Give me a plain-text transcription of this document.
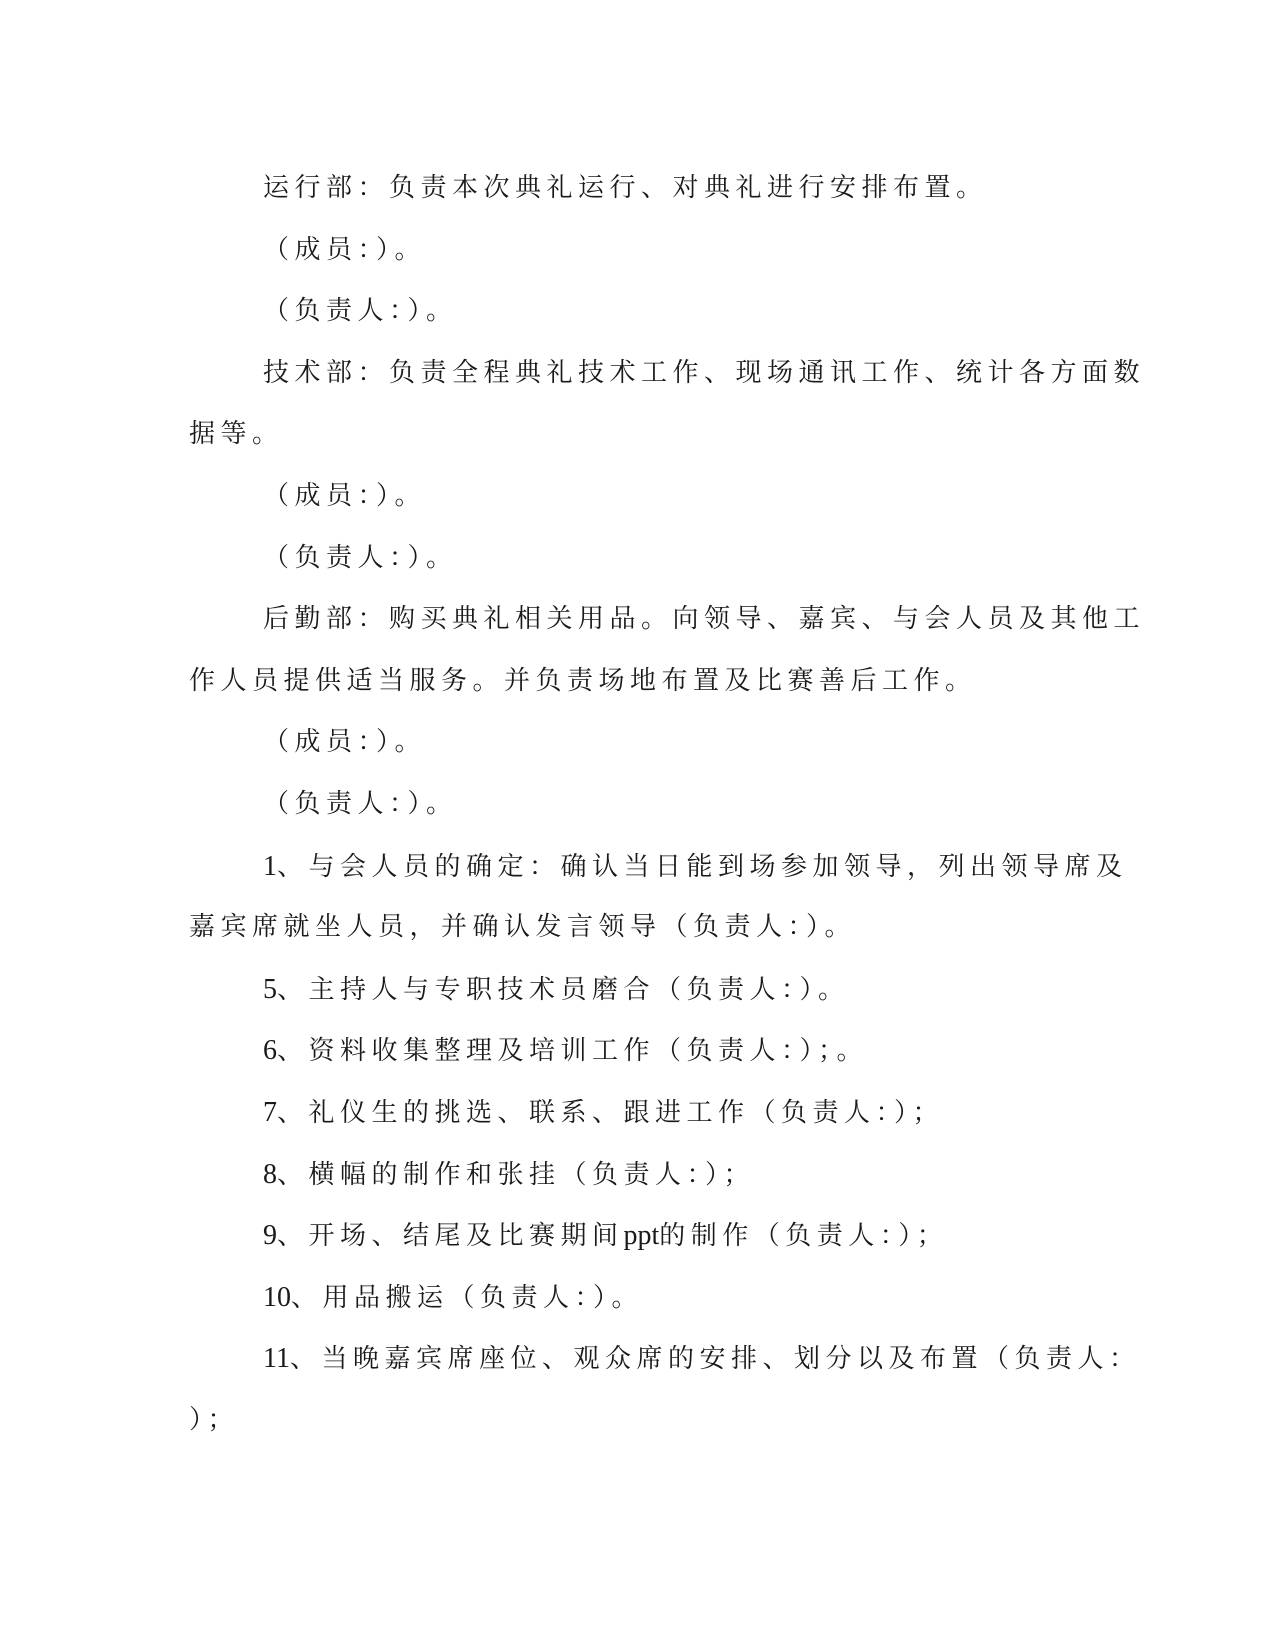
运行部：负责本次典礼运行、对典礼进行安排布置。
（成员：）。
（负责人：）。
技术部：负责全程典礼技术工作、现场通讯工作、统计各方面数
据等。
（成员：）。
（负责人：）。
后勤部：购买典礼相关用品。向领导、嘉宾、与会人员及其他工
作人员提供适当服务。并负责场地布置及比赛善后工作。
（成员：）。
（负责人：）。
1、与会人员的确定：确认当日能到场参加领导，列出领导席及
嘉宾席就坐人员，并确认发言领导（负责人：）。
5、主持人与专职技术员磨合（负责人：）。
6、资料收集整理及培训工作（负责人：）；。
7、礼仪生的挑选、联系、跟进工作（负责人：）；
8、横幅的制作和张挂（负责人：）；
9、开场、结尾及比赛期间ppt的制作（负责人：）；
10、用品搬运（负责人：）。
11、当晚嘉宾席座位、观众席的安排、划分以及布置（负责人：
）；
